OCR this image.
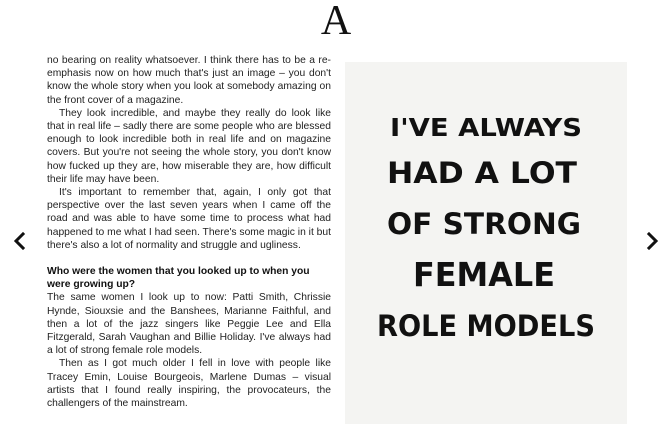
A

no bearing on reality whatsoever. I think there has to be a re-emphasis now on how much that's just an image – you don't know the whole story when you look at somebody amazing on the front cover of a magazine.

They look incredible, and maybe they really do look like that in real life – sadly there are some people who are blessed enough to look incredible both in real life and on magazine covers. But you're not seeing the whole story, you don't know how fucked up they are, how miserable they are, how difficult their life may have been.

It's important to remember that, again, I only got that perspective over the last seven years when I came off the road and was able to have some time to process what had happened to me what I had seen. There's some magic in it but there's also a lot of normality and struggle and ugliness.

Who were the women that you looked up to when you were growing up?

The same women I look up to now: Patti Smith, Chrissie Hynde, Siouxsie and the Banshees, Marianne Faithful, and then a lot of the jazz singers like Peggie Lee and Ella Fitzgerald, Sarah Vaughan and Billie Holiday. I've always had a lot of strong female role models.

Then as I got much older I fell in love with people like Tracey Emin, Louise Bourgeois, Marlene Dumas – visual artists that I found really inspiring, the provocateurs, the challengers of the mainstream.

I'VE ALWAYS
HAD A LOT
OF STRONG
FEMALE
ROLE MODELS
